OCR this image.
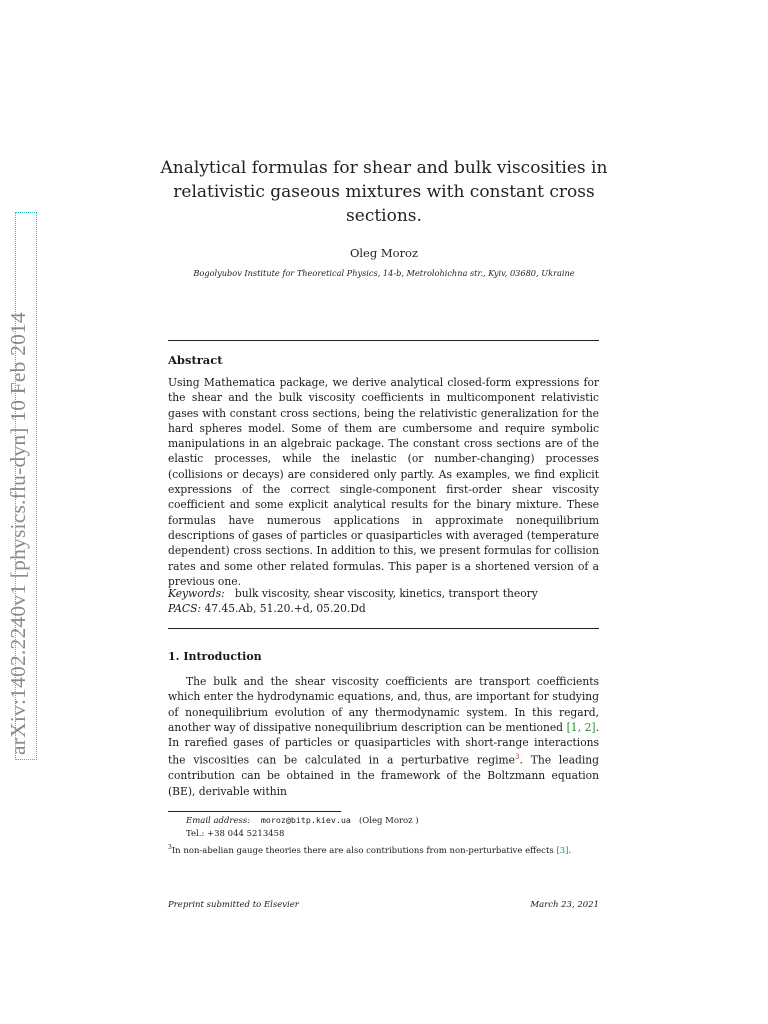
arXiv:1402.2240v1 [physics.flu-dyn] 10 Feb 2014
Analytical formulas for shear and bulk viscosities in relativistic gaseous mixtures with constant cross sections.
Oleg Moroz
Bogolyubov Institute for Theoretical Physics, 14-b, Metrolohichna str., Kyiv, 03680, Ukraine
Abstract
Using Mathematica package, we derive analytical closed-form expressions for the shear and the bulk viscosity coefficients in multicomponent relativistic gases with constant cross sections, being the relativistic generalization for the hard spheres model. Some of them are cumbersome and require symbolic manipulations in an algebraic package. The constant cross sections are of the elastic processes, while the inelastic (or number-changing) processes (collisions or decays) are considered only partly. As examples, we find explicit expressions of the correct single-component first-order shear viscosity coefficient and some explicit analytical results for the binary mixture. These formulas have numerous applications in approximate nonequilibrium descriptions of gases of particles or quasiparticles with averaged (temperature dependent) cross sections. In addition to this, we present formulas for collision rates and some other related formulas. This paper is a shortened version of a previous one.
Keywords: bulk viscosity, shear viscosity, kinetics, transport theory
PACS: 47.45.Ab, 51.20.+d, 05.20.Dd
1. Introduction
The bulk and the shear viscosity coefficients are transport coefficients which enter the hydrodynamic equations, and, thus, are important for studying of nonequilibrium evolution of any thermodynamic system. In this regard, another way of dissipative nonequilibrium description can be mentioned [1, 2]. In rarefied gases of particles or quasiparticles with short-range interactions the viscosities can be calculated in a perturbative regime$^3$. The leading contribution can be obtained in the framework of the Boltzmann equation (BE), derivable within
Email address: moroz@bitp.kiev.ua (Oleg Moroz )
Tel.: +38 044 5213458
$^3$In non-abelian gauge theories there are also contributions from non-perturbative effects [3].
Preprint submitted to Elsevier	March 23, 2021
